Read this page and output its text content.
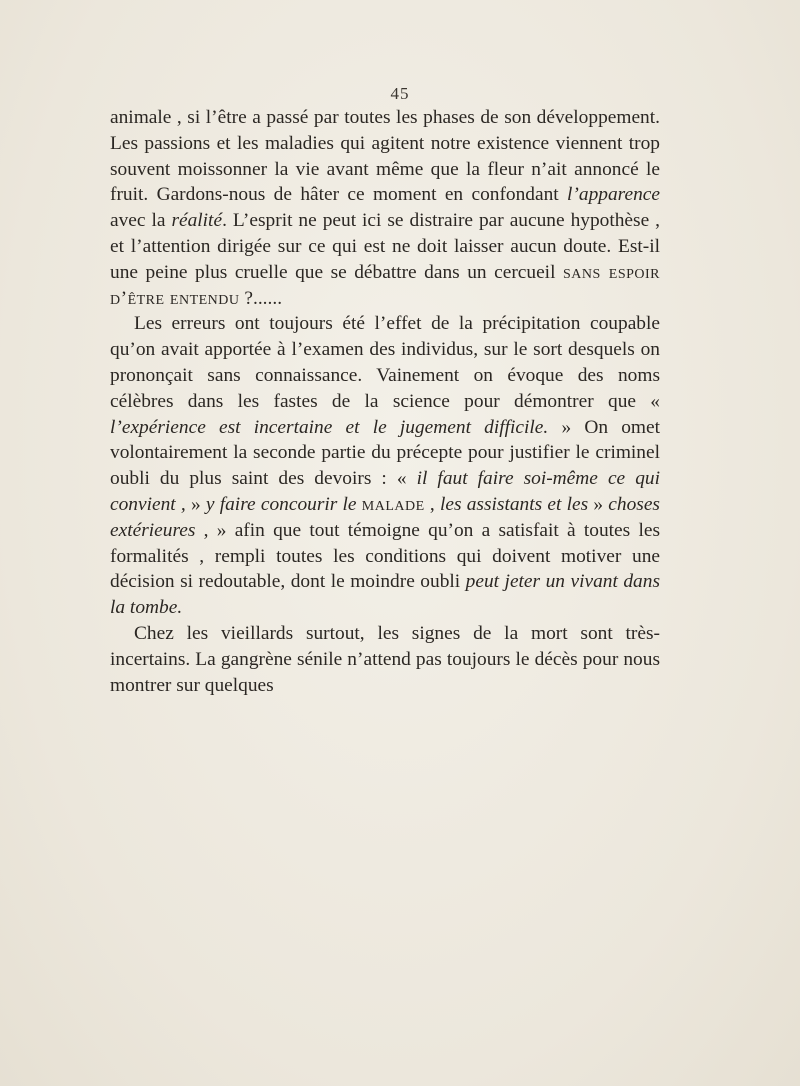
45

animale , si l’être a passé par toutes les phases de son développement. Les passions et les maladies qui agitent notre existence viennent trop souvent moissonner la vie avant même que la fleur n’ait annoncé le fruit. Gardons-nous de hâter ce moment en confondant l’apparence avec la réalité. L’esprit ne peut ici se distraire par aucune hypothèse , et l’attention dirigée sur ce qui est ne doit laisser aucun doute. Est-il une peine plus cruelle que se débattre dans un cercueil sans espoir d’être entendu ?......

Les erreurs ont toujours été l’effet de la précipitation coupable qu’on avait apportée à l’examen des individus, sur le sort desquels on prononçait sans connaissance. Vainement on évoque des noms célèbres dans les fastes de la science pour démontrer que « l’expérience est incertaine et le jugement difficile. » On omet volontairement la seconde partie du précepte pour justifier le criminel oubli du plus saint des devoirs : « il faut faire soi-même ce qui convient , » y faire concourir le malade , les assistants et les » choses extérieures , » afin que tout témoigne qu’on a satisfait à toutes les formalités , rempli toutes les conditions qui doivent motiver une décision si redoutable, dont le moindre oubli peut jeter un vivant dans la tombe.

Chez les vieillards surtout, les signes de la mort sont très-incertains. La gangrène sénile n’attend pas toujours le décès pour nous montrer sur quelques
